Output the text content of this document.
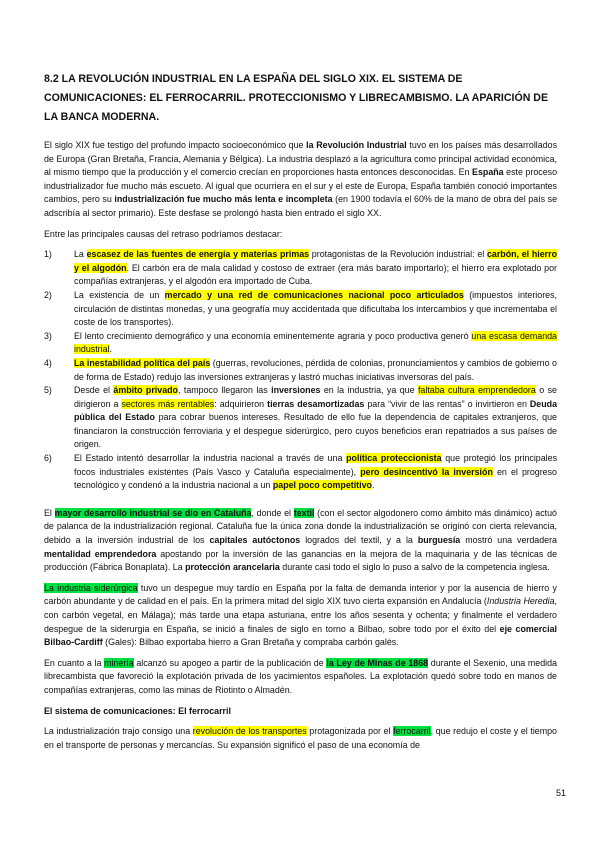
8.2 LA REVOLUCIÓN INDUSTRIAL EN LA ESPAÑA DEL SIGLO XIX. EL SISTEMA DE COMUNICACIONES: EL FERROCARRIL. PROTECCIONISMO Y LIBRECAMBISMO. LA APARICIÓN DE LA BANCA MODERNA.

El siglo XIX fue testigo del profundo impacto socioeconómico que la Revolución Industrial tuvo en los países más desarrollados de Europa (Gran Bretaña, Francia, Alemania y Bélgica). La industria desplazó a la agricultura como principal actividad económica, al mismo tiempo que la producción y el comercio crecían en proporciones hasta entonces desconocidas. En España este proceso industrializador fue mucho más escueto. Al igual que ocurriera en el sur y el este de Europa, España también conoció importantes cambios, pero su industrialización fue mucho más lenta e incompleta (en 1900 todavía el 60% de la mano de obra del país se adscribía al sector primario). Este desfase se prolongó hasta bien entrado el siglo XX.

Entre las principales causas del retraso podríamos destacar:

1)	La escasez de las fuentes de energía y materias primas protagonistas de la Revolución industrial: el carbón, el hierro y el algodón. El carbón era de mala calidad y costoso de extraer (era más barato importarlo); el hierro era explotado por compañías extranjeras, y el algodón era importado de Cuba.
2)	La existencia de un mercado y una red de comunicaciones nacional poco articulados (impuestos interiores, circulación de distintas monedas, y una geografía muy accidentada que dificultaba los intercambios y que incrementaba el coste de los transportes).
3)	El lento crecimiento demográfico y una economía eminentemente agraria y poco productiva generó una escasa demanda industrial.
4)	La inestabilidad política del país (guerras, revoluciones, pérdida de colonias, pronunciamientos y cambios de gobierno o de forma de Estado) redujo las inversiones extranjeras y lastró muchas iniciativas inversoras del país.
5)	Desde el ámbito privado, tampoco llegaron las inversiones en la industria, ya que faltaba cultura emprendedora o se dirigieron a sectores más rentables: adquirieron tierras desamortizadas para “vivir de las rentas” o invirtieron en Deuda pública del Estado para cobrar buenos intereses. Resultado de ello fue la dependencia de capitales extranjeros, que financiaron la construcción ferroviaria y el despegue siderúrgico, pero cuyos beneficios eran repatriados a sus países de origen.
6)	El Estado intentó desarrollar la industria nacional a través de una política proteccionista que protegió los principales focos industriales existentes (País Vasco y Cataluña especialmente), pero desincentivó la inversión en el progreso tecnológico y condenó a la industria nacional a un papel poco competitivo.

El mayor desarrollo industrial se dio en Cataluña, donde el textil (con el sector algodonero como ámbito más dinámico) actuó de palanca de la industrialización regional. Cataluña fue la única zona donde la industrialización se originó con cierta relevancia, debido a la inversión industrial de los capitales autóctonos logrados del textil, y a la burguesía mostró una verdadera mentalidad emprendedora apostando por la inversión de las ganancias en la mejora de la maquinaria y de las técnicas de producción (Fábrica Bonaplata). La protección arancelaria durante casi todo el siglo lo puso a salvo de la competencia inglesa.

La industria siderúrgica tuvo un despegue muy tardío en España por la falta de demanda interior y por la ausencia de hierro y carbón abundante y de calidad en el país. En la primera mitad del siglo XIX tuvo cierta expansión en Andalucía (Industria Heredia, con carbón vegetal, en Málaga); más tarde una etapa asturiana, entre los años sesenta y ochenta; y finalmente el verdadero despegue de la siderurgia en España, se inició a finales de siglo en torno a Bilbao, sobre todo por el éxito del eje comercial Bilbao-Cardiff (Gales): Bilbao exportaba hierro a Gran Bretaña y compraba carbón galés.

En cuanto a la minería alcanzó su apogeo a partir de la publicación de la Ley de Minas de 1868 durante el Sexenio, una medida librecambista que favoreció la explotación privada de los yacimientos españoles. La explotación quedó sobre todo en manos de compañías extranjeras, como las minas de Riotinto o Almadén.

El sistema de comunicaciones: El ferrocarril

La industrialización trajo consigo una revolución de los transportes protagonizada por el ferrocarril, que redujo el coste y el tiempo en el transporte de personas y mercancías. Su expansión significó el paso de una economía de

51
